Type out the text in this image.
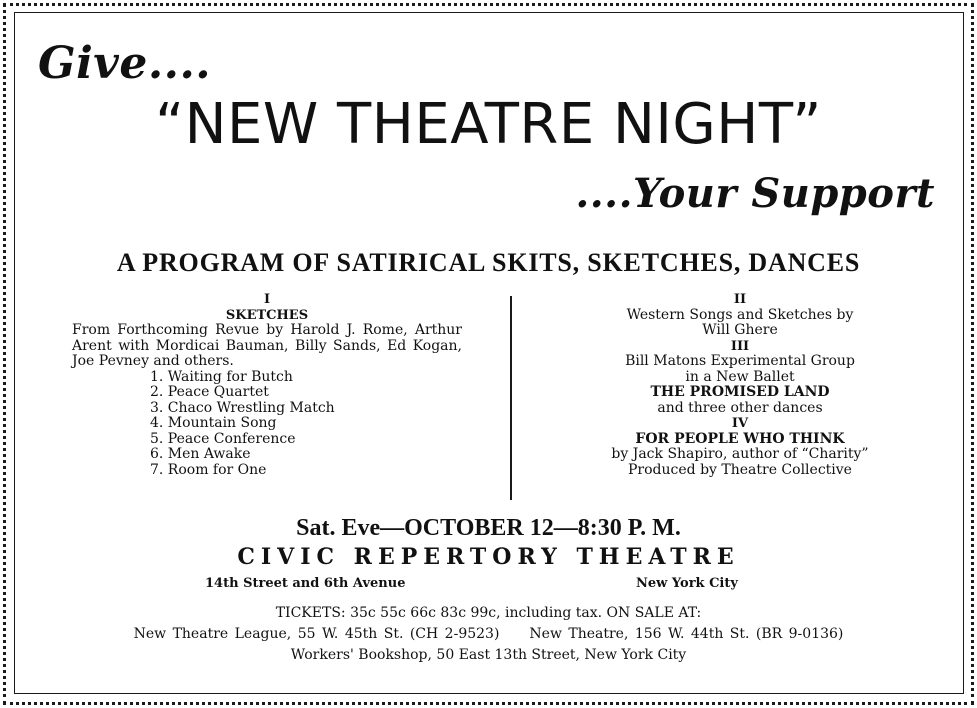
Give....
“NEW THEATRE NIGHT”
....Your Support
A PROGRAM OF SATIRICAL SKITS, SKETCHES, DANCES
I
SKETCHES
From Forthcoming Revue by Harold J. Rome, Arthur Arent with Mordicai Bauman, Billy Sands, Ed Kogan, Joe Pevney and others.
1. Waiting for Butch
2. Peace Quartet
3. Chaco Wrestling Match
4. Mountain Song
5. Peace Conference
6. Men Awake
7. Room for One
II
Western Songs and Sketches by
Will Ghere
III
Bill Matons Experimental Group
in a New Ballet
THE PROMISED LAND
and three other dances
IV
FOR PEOPLE WHO THINK
by Jack Shapiro, author of “Charity”
Produced by Theatre Collective
Sat. Eve—OCTOBER 12—8:30 P. M.
CIVIC REPERTORY THEATRE
14th Street and 6th Avenue	New York City
TICKETS: 35c 55c 66c 83c 99c, including tax. ON SALE AT:
New Theatre League, 55 W. 45th St. (CH 2-9523) New Theatre, 156 W. 44th St. (BR 9-0136)
Workers' Bookshop, 50 East 13th Street, New York City
